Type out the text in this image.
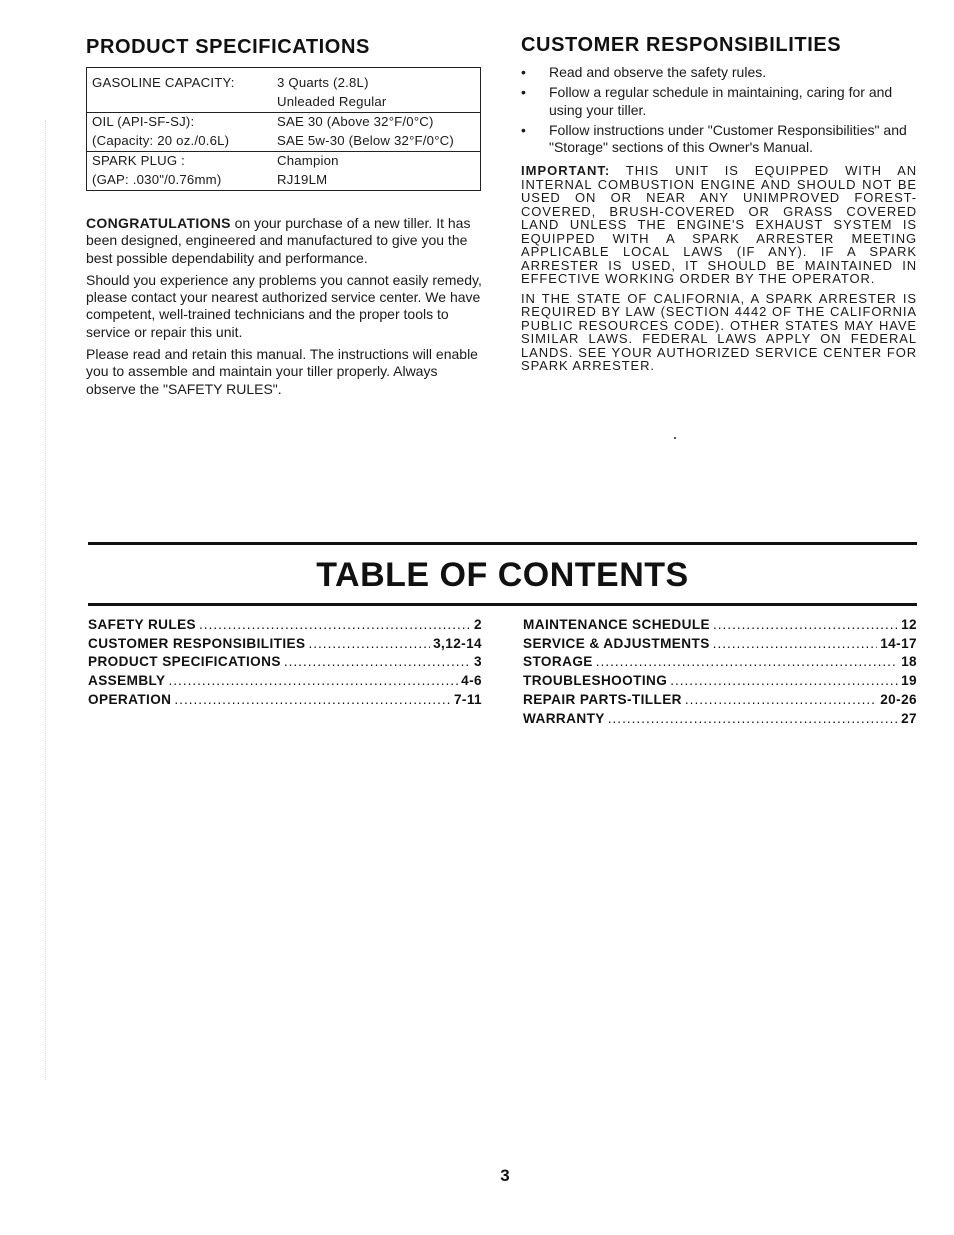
PRODUCT SPECIFICATIONS
GASOLINE CAPACITY:	3 Quarts (2.8L)
	Unleaded Regular
OIL (API-SF-SJ):	SAE 30 (Above 32°F/0°C)
(Capacity: 20 oz./0.6L)	SAE 5w-30 (Below 32°F/0°C)
SPARK PLUG :	Champion
(GAP: .030"/0.76mm)	RJ19LM

CONGRATULATIONS on your purchase of a new tiller. It has been designed, engineered and manufactured to give you the best possible dependability and performance.

Should you experience any problems you cannot easily remedy, please contact your nearest authorized service center. We have competent, well-trained technicians and the proper tools to service or repair this unit.

Please read and retain this manual. The instructions will enable you to assemble and maintain your tiller properly. Always observe the "SAFETY RULES".

CUSTOMER RESPONSIBILITIES
• Read and observe the safety rules.
• Follow a regular schedule in maintaining, caring for and using your tiller.
• Follow instructions under "Customer Responsibilities" and "Storage" sections of this Owner's Manual.

IMPORTANT: THIS UNIT IS EQUIPPED WITH AN INTERNAL COMBUSTION ENGINE AND SHOULD NOT BE USED ON OR NEAR ANY UNIMPROVED FOREST-COVERED, BRUSH-COVERED OR GRASS COVERED LAND UNLESS THE ENGINE'S EXHAUST SYSTEM IS EQUIPPED WITH A SPARK ARRESTER MEETING APPLICABLE LOCAL LAWS (IF ANY). IF A SPARK ARRESTER IS USED, IT SHOULD BE MAINTAINED IN EFFECTIVE WORKING ORDER BY THE OPERATOR.

IN THE STATE OF CALIFORNIA, A SPARK ARRESTER IS REQUIRED BY LAW (SECTION 4442 OF THE CALIFORNIA PUBLIC RESOURCES CODE). OTHER STATES MAY HAVE SIMILAR LAWS. FEDERAL LAWS APPLY ON FEDERAL LANDS. SEE YOUR AUTHORIZED SERVICE CENTER FOR SPARK ARRESTER.

TABLE OF CONTENTS
SAFETY RULES .....	2
CUSTOMER RESPONSIBILITIES .....	3,12-14
PRODUCT SPECIFICATIONS .....	3
ASSEMBLY .....	4-6
OPERATION .....	7-11
MAINTENANCE SCHEDULE .....	12
SERVICE & ADJUSTMENTS .....	14-17
STORAGE .....	18
TROUBLESHOOTING .....	19
REPAIR PARTS-TILLER .....	20-26
WARRANTY .....	27
3
